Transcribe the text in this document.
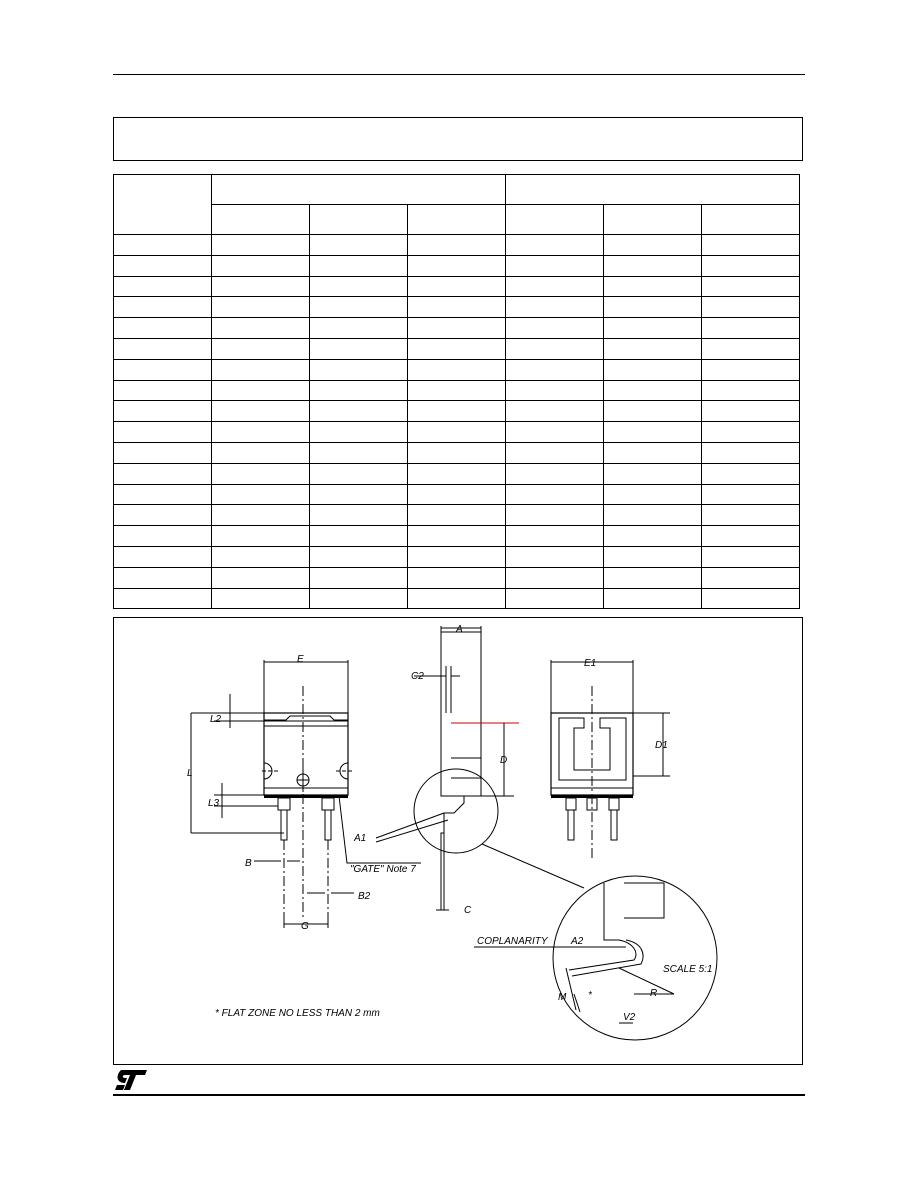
E
A
C2
E1
L2
L
L3
D
D1
A1
B
"GATE" Note 7
B2
C
G
COPLANARITY A2
SCALE 5:1
M *	R
V2
* FLAT ZONE NO LESS THAN 2 mm
